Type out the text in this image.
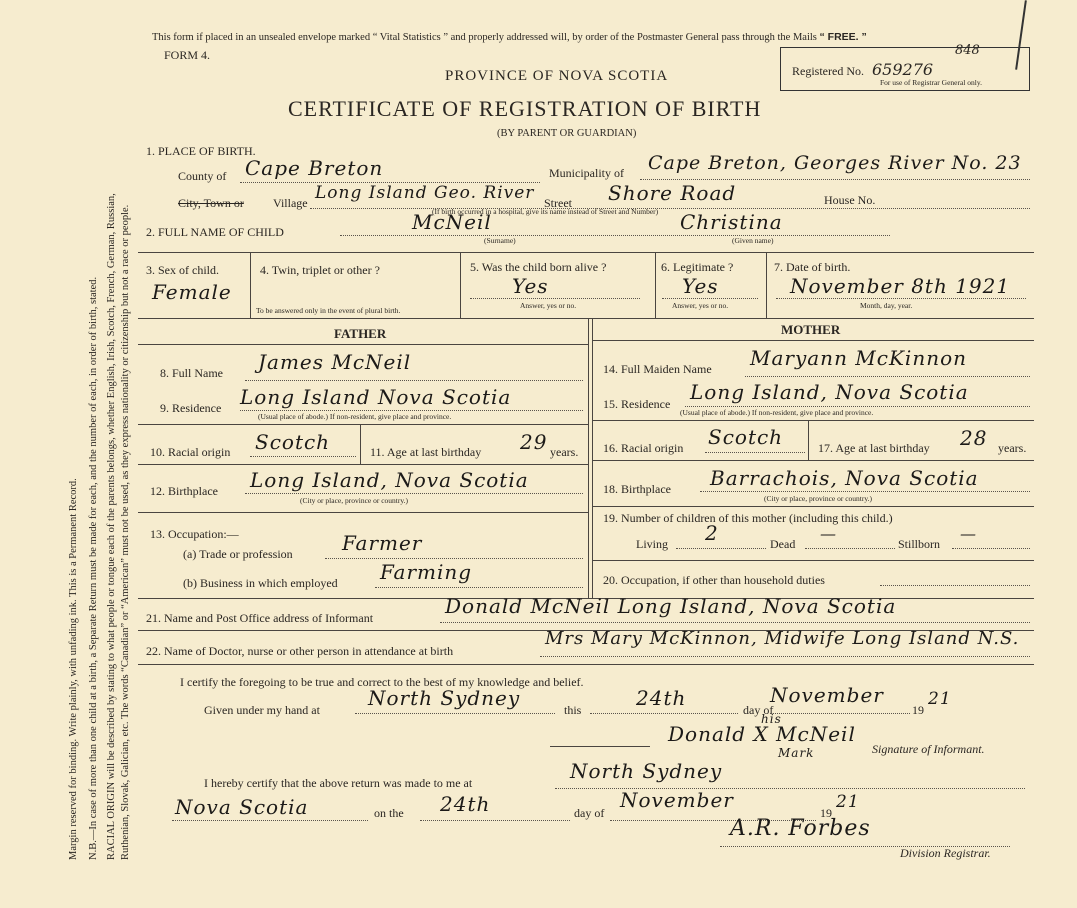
Margin reserved for binding. Write plainly, with unfading ink. This is a Permanent Record. N.B.—In case of more than one child at a birth, a Separate Return must be made for each, and the number of each, in order of birth, stated. RACIAL ORIGIN will be described by stating to what people or tongue each of the parents belongs, whether English, Irish, Scotch, French, German, Russian, Ruthenian, Slovak, Galician, etc. The words “Canadian” or “American” must not be used, as they express nationality or citizenship but not a race or people.
This form if placed in an unsealed envelope marked “ Vital Statistics ” and properly addressed will, by order of the Postmaster General pass through the Mails “ FREE. ”
FORM 4.
PROVINCE OF NOVA SCOTIA
CERTIFICATE OF REGISTRATION OF BIRTH
(BY PARENT OR GUARDIAN)
Registered No. 659276
848
For use of Registrar General only.
1. PLACE OF BIRTH.
County of Cape Breton	Municipality of Cape Breton, Georges River No. 23
City, Town or Village Long Island Geo. River Street Shore Road	House No.
(If birth occurred in a hospital, give its name instead of Street and Number)
2. FULL NAME OF CHILD	McNeil	Christina
(Surname)	(Given name)
3. Sex of child.
Female
4. Twin, triplet or other ?
To be answered only in the event of plural birth.
5. Was the child born alive ?
Yes
Answer, yes or no.
6. Legitimate ?
Yes
Answer, yes or no.
7. Date of birth.
November 8th 1921
Month, day, year.
FATHER	MOTHER
8. Full Name James McNeil
9. Residence Long Island Nova Scotia
(Usual place of abode.) If non-resident, give place and province.
10. Racial origin Scotch	11. Age at last birthday 29 years.
12. Birthplace Long Island, Nova Scotia
(City or place, province or country.)
13. Occupation:—
(a) Trade or profession Farmer
(b) Business in which employed Farming
14. Full Maiden Name Maryann McKinnon
15. Residence Long Island, Nova Scotia
(Usual place of abode.) If non-resident, give place and province.
16. Racial origin Scotch	17. Age at last birthday 28 years.
18. Birthplace Barrachois, Nova Scotia
(City or place, province or country.)
19. Number of children of this mother (including this child.)
Living 2	Dead
—
Stillborn
—
20. Occupation, if other than household duties
21. Name and Post Office address of Informant	Donald McNeil Long Island, Nova Scotia
22. Name of Doctor, nurse or other person in attendance at birth
Mrs Mary McKinnon, Midwife Long Island N.S.
I certify the foregoing to be true and correct to the best of my knowledge and belief.
Given under my hand at North Sydney	this	24th	day of
November
19
21
his
Donald X McNeil
Mark	Signature of Informant.
I hereby certify that the above return was made to me at	North Sydney
Nova Scotia	on the 24th	day of
November
19
21
A.R. Forbes
Division Registrar.
